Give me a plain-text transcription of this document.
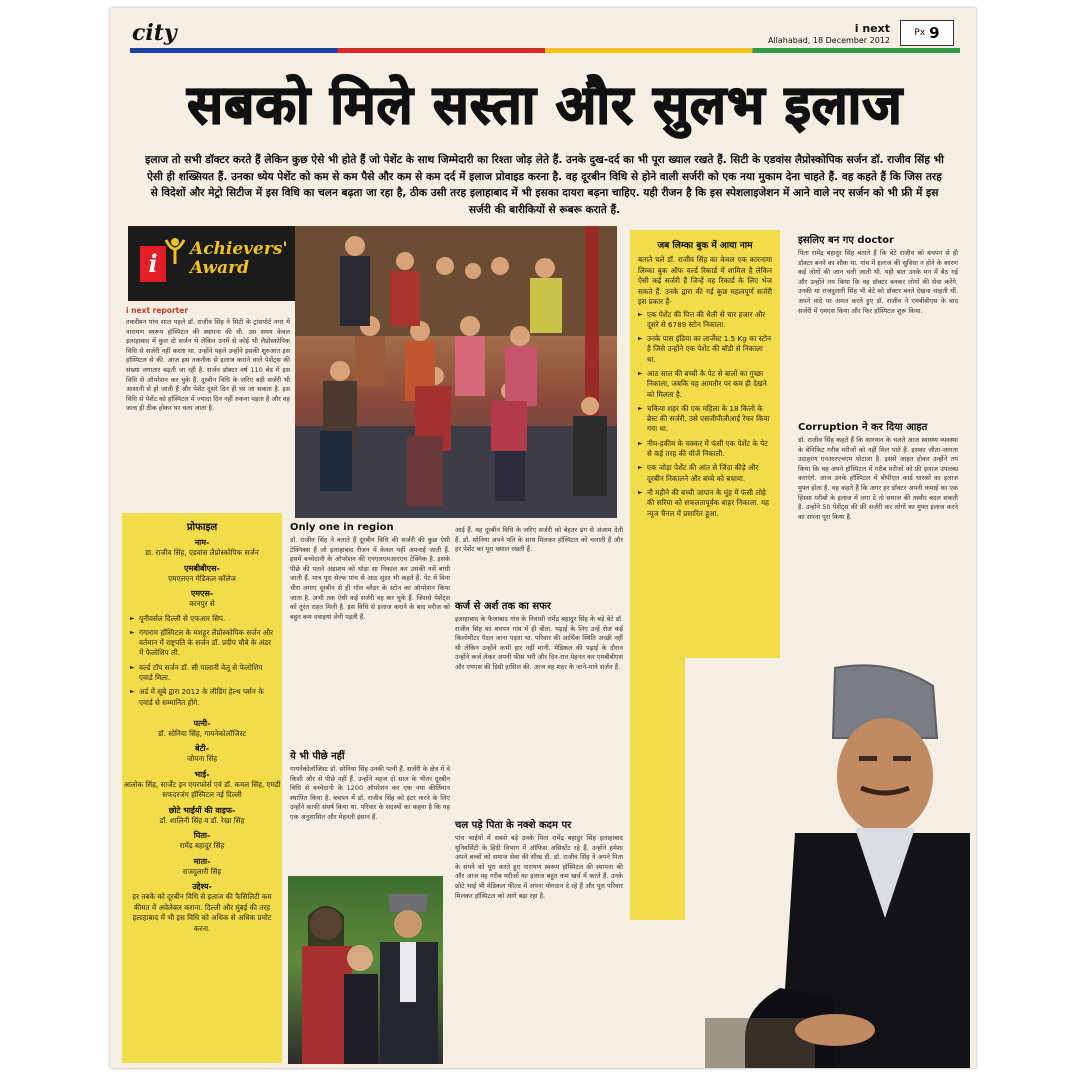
city	i next
Allahabad, 18 December 2012
Px 9
सबको मिले सस्ता और सुलभ इलाज
इलाज तो सभी डॉक्टर करते हैं लेकिन कुछ ऐसे भी होते हैं जो पेशेंट के साथ जिम्मेदारी का रिश्ता जोड़ लेते हैं. उनके दुख-दर्द का भी पूरा ख्याल रखते हैं. सिटी के एडवांस लैप्रोस्कोपिक सर्जन डॉ. राजीव सिंह भी ऐसी ही शख्सियत हैं. उनका ध्येय पेशेंट को कम से कम पैसे और कम से कम दर्द में इलाज प्रोवाइड करना है. वह दूरबीन विधि से होने वाली सर्जरी को एक नया मुकाम देना चाहते हैं. वह कहते हैं कि जिस तरह से विदेशों और मेट्रो सिटीज में इस विधि का चलन बढ़ता जा रहा है, ठीक उसी तरह इलाहाबाद में भी इसका दायरा बढ़ना चाहिए. यही रीजन है कि इस स्पेशलाइजेशन में आने वाले नए सर्जन को भी फ्री में इस सर्जरी की बारीकियों से रूबरू कराते हैं.
i	Achievers'
Award
i next reporter
तकरीबन पांच साल पहले डॉ. राजीव सिंह ने सिटी के ट्रांसपोर्ट नगर में नारायण स्वरूप हॉस्पिटल की स्थापना की थी. उस समय केवल इलाहाबाद में कुल दो सर्जन थे लेकिन उनमें से कोई भी लैप्रोस्कोपिक विधि से सर्जरी नहीं करता था. उन्होंने पहले उन्होंने इसकी शुरुआत इस हॉस्पिटल से की. आज इस तकनीक से इलाज कराने वाले पेशेंट्स की संख्या लगातार बढ़ती जा रही है. सर्जन डॉक्टर वर्ष 110 बेड में इस विधि से ऑपरेशन कर चुके हैं. दूरबीन विधि के जरिए बड़ी सर्जरी भी आसानी से हो जाती हैं और पेशेंट दूसरे दिन ही घर जा सकता है. इस विधि से पेशेंट को हॉस्पिटल में ज्यादा दिन नहीं रुकना पड़ता है और वह जल्द ही ठीक होकर घर चला जाता है.
प्रोफाइल
नाम-
डा. राजीव सिंह, एडवांस लैप्रोस्कोपिक सर्जन
एमबीबीएस-
एमएलएन मेडिकल कॉलेज
एमएस-
कानपुर से
► यूनीवर्सल दिल्ली से एफआर सिप.
► गंगाराम हॉस्पिटल के मशहूर लैप्रोस्कोपिक सर्जन और वर्तमान में राष्ट्रपति के सर्जन डॉ. प्रदीप चौबे के अंडर में फेलोशिप ली.
► वर्ल्ड टॉप सर्जन डॉ. सी पालानी वेलू से फेलोशिप एवार्ड मिला.
► अर्ड में सूबे द्वारा 2012 के लीडिंग हेल्थ पर्सन के एवार्ड से सम्मानित होंगे.
पत्नी-
डॉ. सोनिया सिंह, गायनेकोलॉजिस्ट
बेटी-
जोयना सिंह
भाई-
आलोक सिंह, सार्जेंट इन एयरफोर्स एवं डॉ. कमल सिंह, एमडी सफदरजंग हॉस्पिटल नई दिल्ली
छोटे भाईयों की वाइफ-
डॉ. शालिनी सिंह व डॉ. रेखा सिंह
पिता-
रामेंद्र बहादुर सिंह
माता-
राजदुलारी सिंह
उद्देश्य-
हर तबके को दूरबीन विधि से इलाज की फैसिलिटी कम कीमत में अवेलेबल कराना. दिल्ली और मुंबई की तरह इलाहाबाद में भी इस विधि को अधिक से अधिक प्रमोट करना.
Only one in region
डॉ. राजीव सिंह ने बताते हैं दूरबीन विधि की सर्जरी की कुछ ऐसी टेक्निक्स हैं जो इलाहाबाद रीजन में केवल यहीं अपनाई जाती हैं. इसमें बच्चेदानी के ऑपरेशन की एनएलएमआरएच टेक्निक है. इसके पीछे की पतले अंडाशय को थोड़ा सा निकाल कर उसकी नसें बांधी जाती हैं. मात्र पूरा सेल्फ पांच से आठ सुंदर भी कहते हैं. पेट में बिना चीरा लगाए दूरबीन से ही गॉल ब्लैडर के स्टोन का ऑपरेशन किया जाता है. अभी तक ऐसी कई सर्जरी वह कर चुके हैं. जिससे पेशेंट्स को तुरंत राहत मिली है. इस विधि से इलाज कराने के बाद मरीज को बहुत कम दवाइयां लेनी पड़ती हैं.
ये भी पीछे नहीं
गायनेकोलॉजिस्ट डॉ. सोनिया सिंह उनकी पत्नी हैं. सर्जरी के क्षेत्र में वे किसी और से पीछे नहीं हैं. उन्होंने महज दो साल के भीतर दूरबीन विधि से बच्चेदानी के 1200 ऑपरेशन कर एक नया कीर्तिमान स्थापित किया है. बचपन में डॉ. राजीव सिंह को इंटर करने के लिए उन्होंने काफी संघर्ष किया था. परिवार के सदस्यों का कहना है कि वह एक अनुशासित और मेहनती इंसान हैं.
आई हैं. वह दूरबीन विधि के जरिए सर्जरी को बेहतर ढंग से अंजाम देती हैं. डॉ. सोनिया अपने पति के साथ मिलकर हॉस्पिटल को चलाती हैं और हर पेशेंट का पूरा ख्याल रखती हैं.
कर्ज से अर्श तक का सफर
इलाहाबाद के फैजाबाद गांव के निवासी रामेंद्र बहादुर सिंह के बड़े बेटे डॉ. राजीव सिंह का बचपन गांव में ही बीता. पढ़ाई के लिए उन्हें रोज कई किलोमीटर पैदल जाना पड़ता था. परिवार की आर्थिक स्थिति अच्छी नहीं थी लेकिन उन्होंने कभी हार नहीं मानी. मेडिकल की पढ़ाई के दौरान उन्होंने कर्ज लेकर अपनी फीस भरी और दिन-रात मेहनत कर एमबीबीएस और एमएस की डिग्री हासिल की. आज वह शहर के जाने-माने सर्जन हैं.
चल पड़े पिता के नक्शे कदम पर
पांच भाईयों में सबसे बड़े उनके पिता रामेंद्र बहादुर सिंह इलाहाबाद यूनिवर्सिटी के हिंदी विभाग में ऑफिस असिस्टेंट रहे हैं. उन्होंने हमेशा अपने बच्चों को समाज सेवा की सीख दी. डॉ. राजीव सिंह ने अपने पिता के सपने को पूरा करते हुए नारायण स्वरूप हॉस्पिटल की स्थापना की और आज वह गरीब मरीजों का इलाज बहुत कम खर्च में करते हैं. उनके छोटे भाई भी मेडिकल फील्ड में अपना योगदान दे रहे हैं और पूरा परिवार मिलकर हॉस्पिटल को आगे बढ़ा रहा है.
जब लिम्का बुक में आया नाम
बताते चले डॉ. राजीव सिंह का केवल एक कारनामा लिम्का बुक ऑफ वर्ल्ड रिकार्ड में शामिल है लेकिन ऐसी कई सर्जरी हैं जिन्हें वह रिकार्ड के लिए भेज सकते हैं. उनके द्वारा की गई कुछ महत्वपूर्ण सर्जरी इस प्रकार हैं-
► एक पेशेंट की पित्त की थैली से चार हजार और दूसरे से 6789 स्टोन निकाला.
► उनके पास इंडिया का लार्जेस्ट 1.5 Kg का स्टोन है जिसे उन्होंने एक पेशेंट की बॉडी से निकाला था.
► आठ साल की बच्ची के पेट से बालों का गुच्छा निकाला, जबकि यह आमतौर पर कम ही देखने को मिलता है.
► चकिया शहर की एक महिला के 18 किलो के ब्रेस्ट की सर्जरी, उसे एसजीपीजीआई रेफर किया गया था.
► नीम-हकीम के चक्कर में फंसी एक पेशेंट के पेट से कई तरह की चीजें निकाली.
► एक जोड़ा पेशेंट की आंत से जिंदा कीड़े और दूरबीन निकालने और बच्चे को बचाया.
► नौ महीने की बच्ची जापान के मुंह में फंसी लोहे की सरिया को सफलतापूर्वक बाहर निकाला. यह न्यूज चैनल में प्रसारित हुआ.
इसलिए बन गए doctor
पिता रामेंद्र बहादुर सिंह बताते हैं कि बेटे राजीव को बचपन से ही डॉक्टर बनने का शौक था. गांव में इलाज की सुविधा न होने के कारण कई लोगों की जान चली जाती थी. यही बात उनके मन में बैठ गई और उन्होंने तय किया कि वह डॉक्टर बनकर लोगों की सेवा करेंगे. उनकी मां राजदुलारी सिंह भी बेटे को डॉक्टर बनते देखना चाहती थीं. अपने वादे पर अमल करते हुए डॉ. राजीव ने एमबीबीएस के बाद सर्जरी में एमएस किया और फिर हॉस्पिटल शुरू किया.
Corruption ने कर दिया आहत
डॉ. राजीव सिंह कहते हैं कि कारवान के चलते आज स्वास्थ्य व्यवस्था के बेनिफिट गरीब मरीजों को नहीं मिल पाते हैं. इसका जीता-जागता उदाहरण एनआरएचएम घोटाला है. इससे आहत होकर उन्होंने तय किया कि वह अपने हॉस्पिटल में गरीब मरीजों को फ्री इलाज उपलब्ध कराएंगे. आज उनके हॉस्पिटल में बीपीएल कार्ड धारकों का इलाज मुफ्त होता है. वह कहते हैं कि अगर हर डॉक्टर अपनी कमाई का एक हिस्सा गरीबों के इलाज में लगा दे तो समाज की तस्वीर बदल सकती है. उन्होंने 50 पेशेंट्स की फ्री सर्जरी कर लोगों का मुफ्त इलाज करने का सपना पूरा किया है.
